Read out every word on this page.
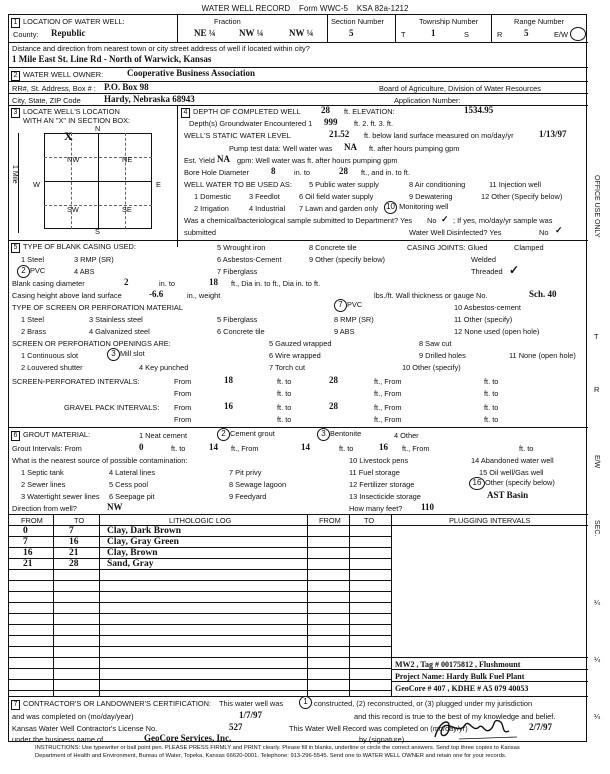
WATER WELL RECORD Form WWC-5 KSA 82a-1212
1 LOCATION OF WATER WELL:
County: Republic
Fraction
NE ¼	NW ¼	NW ¼
Section Number
5
Township Number
T	1	S
Range Number
R 5	E/W
Distance and direction from nearest town or city street address of well if located within city?
1 Mile East St. Line Rd - North of Warwick, Kansas
2 WATER WELL OWNER:	Cooperative Business Association
RR#, St. Address, Box # : P.O. Box 98	Board of Agriculture, Division of Water Resources
City, State, ZIP Code	Hardy, Nebraska 68943	Application Number:
3 LOCATE WELL'S LOCATION
WITH AN "X" IN SECTION BOX:
N
S
W	E
1 Mile
NW	NE
SW	SE
X
4 DEPTH OF COMPLETED WELL 28 ft. ELEVATION:	1534.95
Depth(s) Groundwater Encountered 1 999 ft. 2. ft. 3. ft.
WELL'S STATIC WATER LEVEL	21.52 ft. below land surface measured on mo/day/yr	1/13/97
Pump test data: Well water was NA ft. after hours pumping gpm
Est. Yield NA gpm: Well water was ft. after hours pumping gpm
Bore Hole Diameter 8	in. to	28 ft., and in. to ft.
WELL WATER TO BE USED AS: 5 Public water supply	8 Air conditioning	11 Injection well
1 Domestic 3 Feedlot	6 Oil field water supply	9 Dewatering	12 Other (Specify below)
2 Irrigation	4 Industrial 7 Lawn and garden only 10 Monitoring well
Was a chemical/bacteriological sample submitted to Department? Yes No ✓ ; If yes, mo/day/yr sample was
submitted	Water Well Disinfected? Yes	No ✓
5 TYPE OF BLANK CASING USED:	5 Wrought iron	8 Concrete tile	CASING JOINTS: Glued	Clamped
1 Steel	3 RMP (SR)	6 Asbestos-Cement	9 Other (specify below)	Welded
2 PVC	4 ABS	7 Fiberglass	Threaded ✓
Blank casing diameter	2	in. to	18 ft., Dia in. to ft., Dia in. to ft.
Casing height above land surface	-6.6	in., weight	lbs./ft. Wall thickness or gauge No.	Sch. 40
TYPE OF SCREEN OR PERFORATION MATERIAL	7 PVC	10 Asbestos-cement
1 Steel	3 Stainless steel	5 Fiberglass	8 RMP (SR)	11 Other (specify)
2 Brass	4 Galvanized steel	6 Concrete tile	9 ABS	12 None used (open hole)
SCREEN OR PERFORATION OPENINGS ARE:	5 Gauzed wrapped	8 Saw cut
1 Continuous slot	3 Mill slot	6 Wire wrapped	9 Drilled holes	11 None (open hole)
2 Louvered shutter	4 Key punched	7 Torch cut	10 Other (specify)
SCREEN-PERFORATED INTERVALS:	From	18	ft. to	28	ft., From	ft. to
From	ft. to	ft., From	ft. to
GRAVEL PACK INTERVALS: From	16	ft. to	28	ft., From	ft. to
From	ft. to	ft., From	ft. to
6 GROUT MATERIAL:	1 Neat cement	2 Cement grout	3 Bentonite	4 Other
Grout Intervals: From	0	ft. to	14 ft., From	14	ft. to	16 ft., From	ft. to
What is the nearest source of possible contamination:	10 Livestock pens	14 Abandoned water well
1 Septic tank	4 Lateral lines	7 Pit privy	11 Fuel storage	15 Oil well/Gas well
2 Sewer lines	5 Cess pool	8 Sewage lagoon	12 Fertilizer storage	16 Other (specify below)
3 Watertight sewer lines 6 Seepage pit	9 Feedyard	13 Insecticide storage	AST Basin
Direction from well?	NW	How many feet? 110
FROM	TO	LITHOLOGIC LOG	FROM	TO	PLUGGING INTERVALS
0	7	Clay, Dark Brown
7	16	Clay, Gray Green
16	21	Clay, Brown
21	28	Sand, Gray
MW2 , Tag # 00175812 , Flushmount
Project Name: Hardy Bulk Fuel Plant
GeoCore # 407 , KDHE # A5 079 40053
7 CONTRACTOR'S OR LANDOWNER'S CERTIFICATION: This water well was	1 constructed, (2) reconstructed, or (3) plugged under my jurisdiction
and was completed on (mo/day/year)	1/7/97	and this record is true to the best of my knowledge and belief.
Kansas Water Well Contractor's License No.	527	This Water Well Record was completed on (mo/day/yr)	2/7/97
under the business name of	GeoCore Services, Inc.	by (signature)
INSTRUCTIONS: Use typewriter or ball point pen. PLEASE PRESS FIRMLY and PRINT clearly. Please fill in blanks, underline or circle the correct answers. Send top three copies to Kansas
Department of Health and Environment, Bureau of Water, Topeka, Kansas 66620-0001. Telephone: 913-296-5545. Send one to WATER WELL OWNER and retain one for your records.
OFFICE USE ONLY
T
R
E/W
SEC.
¼
¼
¼
